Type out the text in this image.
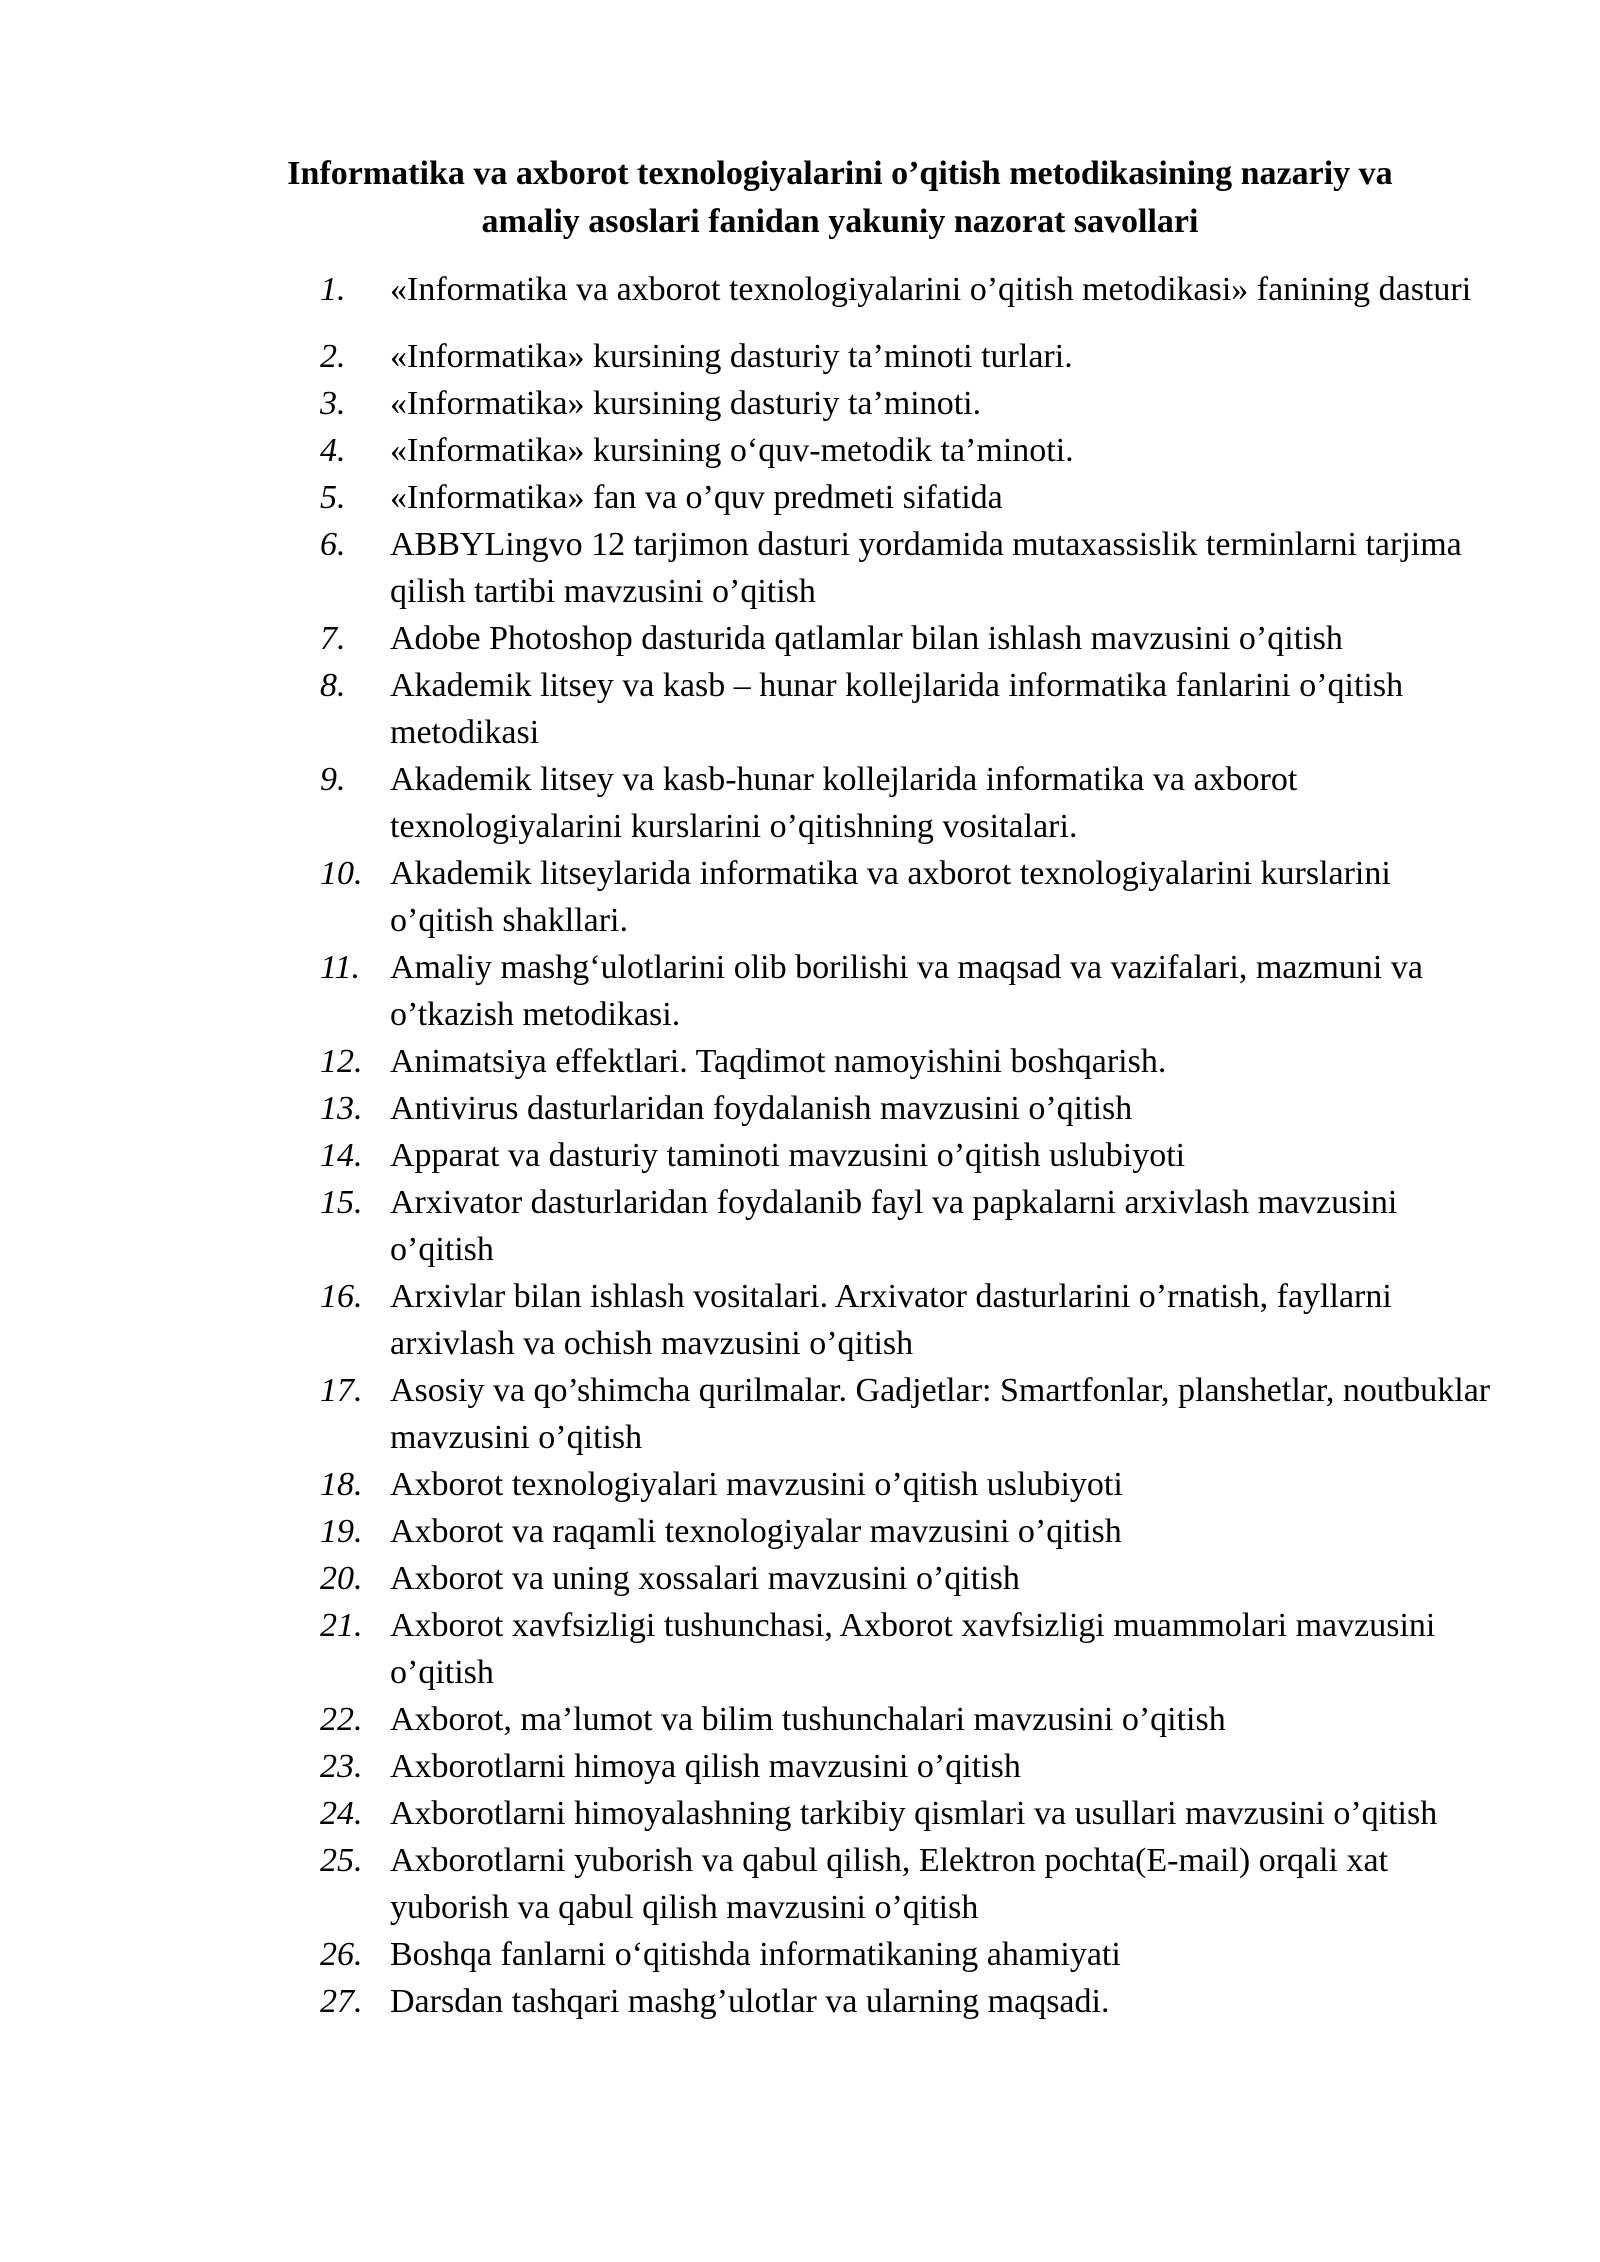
Informatika va axborot texnologiyalarini o’qitish metodikasining nazariy va
amaliy asoslari fanidan yakuniy nazorat savollari
1.	«Informatika va axborot texnologiyalarini o’qitish metodikasi» fanining dasturi
2.	«Informatika» kursining dasturiy ta’minoti turlari.
3.	«Informatika» kursining dasturiy ta’minoti.
4.	«Informatika» kursining o‘quv-metodik ta’minoti.
5.	«Informatika» fan va o’quv predmeti sifatida
6.	ABBYLingvo 12 tarjimon dasturi yordamida mutaxassislik terminlarni tarjima qilish tartibi mavzusini o’qitish
7.	Adobe Photoshop dasturida qatlamlar bilan ishlash mavzusini o’qitish
8.	Akademik litsey va kasb – hunar kollejlarida informatika fanlarini o’qitish metodikasi
9.	Akademik litsey va kasb-hunar kollejlarida informatika va axborot texnologiyalarini kurslarini o’qitishning vositalari.
10. Akademik litseylarida informatika va axborot texnologiyalarini kurslarini o’qitish shakllari.
11. Amaliy mashg‘ulotlarini olib borilishi va maqsad va vazifalari, mazmuni va o’tkazish metodikasi.
12. Animatsiya effektlari. Taqdimot namoyishini boshqarish.
13. Antivirus dasturlaridan foydalanish mavzusini o’qitish
14. Apparat va dasturiy taminoti mavzusini o’qitish uslubiyoti
15. Arxivator dasturlaridan foydalanib fayl va papkalarni arxivlash mavzusini o’qitish
16. Arxivlar bilan ishlash vositalari. Arxivator dasturlarini o’rnatish, fayllarni arxivlash va ochish mavzusini o’qitish
17. Asosiy va qo’shimcha qurilmalar. Gadjetlar: Smartfonlar, planshetlar, noutbuklar mavzusini o’qitish
18. Axborot texnologiyalari mavzusini o’qitish uslubiyoti
19. Axborot va raqamli texnologiyalar mavzusini o’qitish
20. Axborot va uning xossalari mavzusini o’qitish
21. Axborot xavfsizligi tushunchasi, Axborot xavfsizligi muammolari mavzusini o’qitish
22. Axborot, ma’lumot va bilim tushunchalari mavzusini o’qitish
23. Axborotlarni himoya qilish mavzusini o’qitish
24. Axborotlarni himoyalashning tarkibiy qismlari va usullari mavzusini o’qitish
25. Axborotlarni yuborish va qabul qilish, Elektron pochta(E-mail) orqali xat yuborish va qabul qilish mavzusini o’qitish
26. Boshqa fanlarni o‘qitishda informatikaning ahamiyati
27. Darsdan tashqari mashg’ulotlar va ularning maqsadi.
